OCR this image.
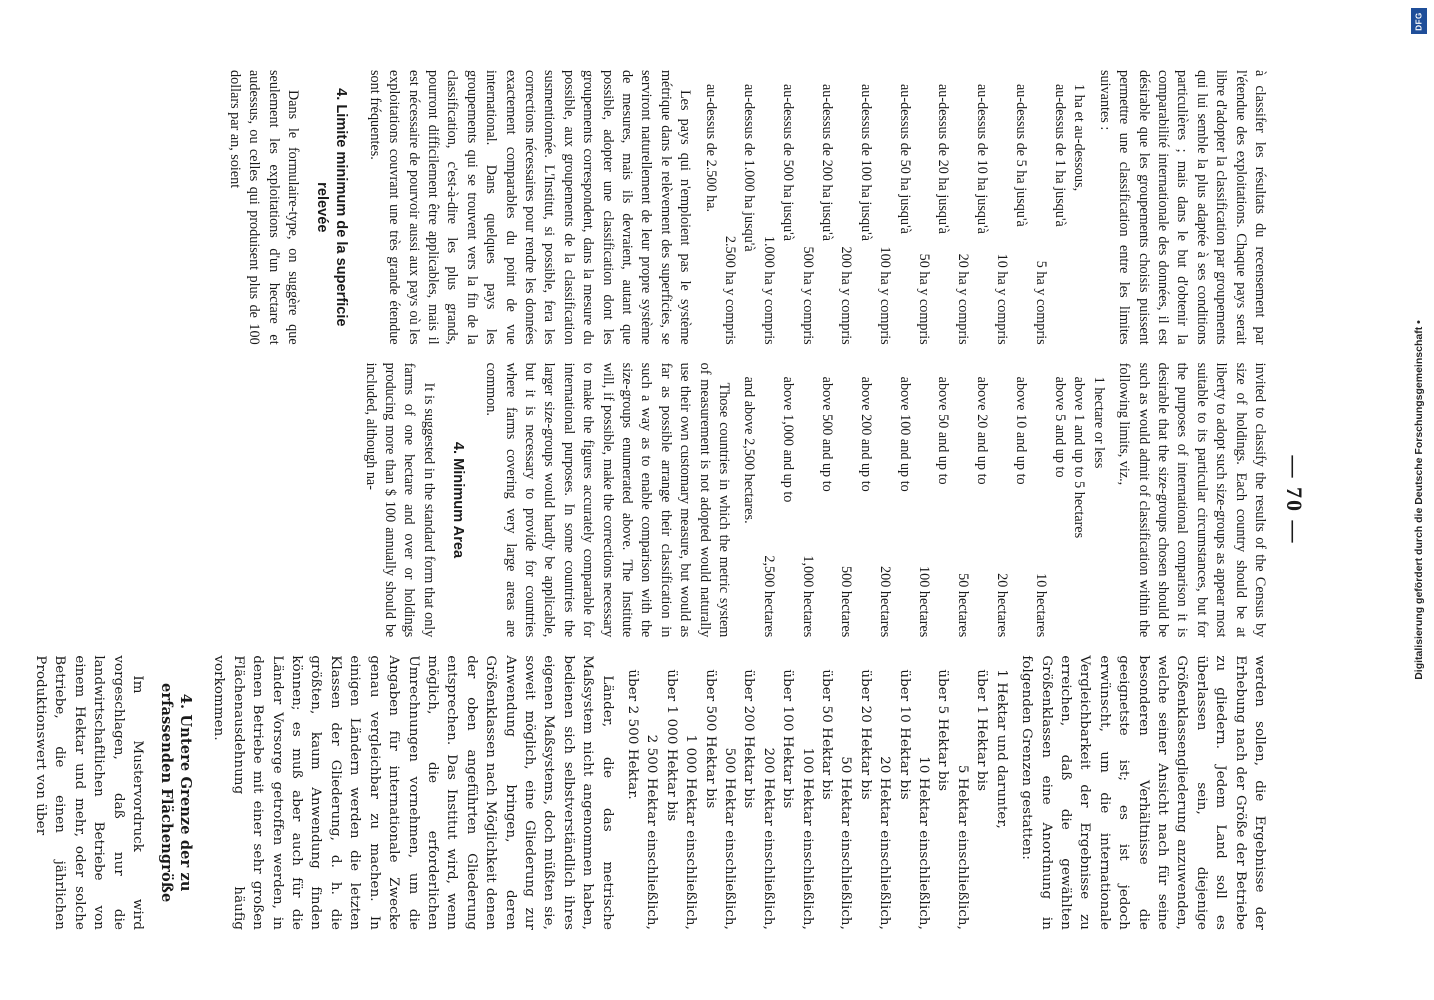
— 70 —

à classifer les résultats du recensement par l'étendue des exploitations. Chaque pays serait libre d'adopter la classification par groupements qui lui semble la plus adaptée à ses conditions particulières ; mais dans le but d'obtenir la comparabilité internationale des données, il est désirable que les groupements choisis puissent permettre une classification entre les limites suivantes :

1 ha et au-dessous,
au-dessus de 1 ha jusqu'à
5 ha y compris
au-dessus de 5 ha jusqu'à
10 ha y compris
au-dessus de 10 ha jusqu'à
20 ha y compris
au-dessus de 20 ha jusqu'à
50 ha y compris
au-dessus de 50 ha jusqu'à
100 ha y compris
au-dessus de 100 ha jusqu'à
200 ha y compris
au-dessus de 200 ha jusqu'à
500 ha y compris
au-dessus de 500 ha jusqu'à
1.000 ha y compris
au-dessus de 1.000 ha jusqu'à
2.500 ha y compris
au-dessus de 2.500 ha.

Les pays qui n'emploient pas le système métrique dans le relèvement des superficies, se serviront naturellement de leur propre système de mesures, mais ils devraient, autant que possible, adopter une classification dont les groupements correspondent, dans la mesure du possible, aux groupements de la classification susmentionnée. L'Institut, si possible, fera les corrections nécessaires pour rendre les données exactement comparables du point de vue international. Dans quelques pays les groupements qui se trouvent vers la fin de la classification, c'est-à-dire les plus grands, pourront difficilement être applicables, mais il est nécessaire de pourvoir aussi aux pays où les exploitations couvrant une très grande étendue sont fréquentes.

4. Limite minimum de la superficie relevée

Dans le formulaire-type, on suggère que seulement les exploitations d'un hectare et audessus, ou celles qui produisent plus de 100 dollars par an, soient

invited to classify the results of the Census by size of holdings. Each country should be at liberty to adopt such size-groups as appear most suitable to its particular circumstances, but for the purposes of international comparison it is desirable that the size-groups chosen should be such as would admit of classification within the following limits, viz.,

1 hectare or less
above 1 and up to 5 hectares
above 5 and up to
10 hectares
above 10 and up to
20 hectares
above 20 and up to
50 hectares
above 50 and up to
100 hectares
above 100 and up to
200 hectares
above 200 and up to
500 hectares
above 500 and up to
1,000 hectares
above 1,000 and up to
2,500 hectares
and above 2,500 hectares.

Those countries in which the metric system of measurement is not adopted would naturally use their own customary measure, but would as far as possible arrange their classification in such a way as to enable comparison with the size-groups enumerated above. The Institute will, if possible, make the corrections necessary to make the figures accurately comparable for international purposes. In some countries the larger size-groups would hardly be applicable, but it is necessary to provide for countries where farms covering very large areas are common.

4. Minimum Area

It is suggested in the standard form that only farms of one hectare and over or holdings producing more than $ 100 annually should be included, although na-

werden sollen, die Ergebnisse der Erhebung nach der Größe der Betriebe zu gliedern. Jedem Land soll es überlassen sein, diejenige Größenklassengliederung anzuwenden, welche seiner Ansicht nach für seine besonderen Verhältnisse die geeignetste ist; es ist jedoch erwünscht, um die internationale Vergleichbarkeit der Ergebnisse zu erreichen, daß die gewählten Größenklassen eine Anordnung in folgenden Grenzen gestatten:

1 Hektar und darunter,
über 1 Hektar bis
5 Hektar einschließlich,
über 5 Hektar bis
10 Hektar einschließlich,
über 10 Hektar bis
20 Hektar einschließlich,
über 20 Hektar bis
50 Hektar einschließlich,
über 50 Hektar bis
100 Hektar einschließlich,
über 100 Hektar bis
200 Hektar einschließlich,
über 200 Hektar bis
500 Hektar einschließlich,
über 500 Hektar bis
1 000 Hektar einschließlich,
über 1 000 Hektar bis
2 500 Hektar einschließlich,
über 2 500 Hektar.

Länder, die das metrische Maßsystem nicht angenommen haben, bedienen sich selbstverständlich ihres eigenen Maßsystems, doch müßten sie, soweit möglich, eine Gliederung zur Anwendung bringen, deren Größenklassen nach Möglichkeit denen der oben angeführten Gliederung entsprechen. Das Institut wird, wenn möglich, die erforderlichen Umrechnungen vornehmen, um die Angaben für internationale Zwecke genau vergleichbar zu machen. In einigen Ländern werden die letzten Klassen der Gliederung, d. h. die größten, kaum Anwendung finden können; es muß aber auch für die Länder Vorsorge getroffen werden, in denen Betriebe mit einer sehr großen Flächenausdehnung häufig vorkommen.

4. Untere Grenze der zu erfassenden Flächengröße

Im Mustervordruck wird vorgeschlagen, daß nur die landwirtschaftlichen Betriebe von einem Hektar und mehr, oder solche Betriebe, die einen jährlichen Produktionswert von über

Digitalisierung gefördert durch die Deutsche Forschungsgemeinschaft •
DFG
